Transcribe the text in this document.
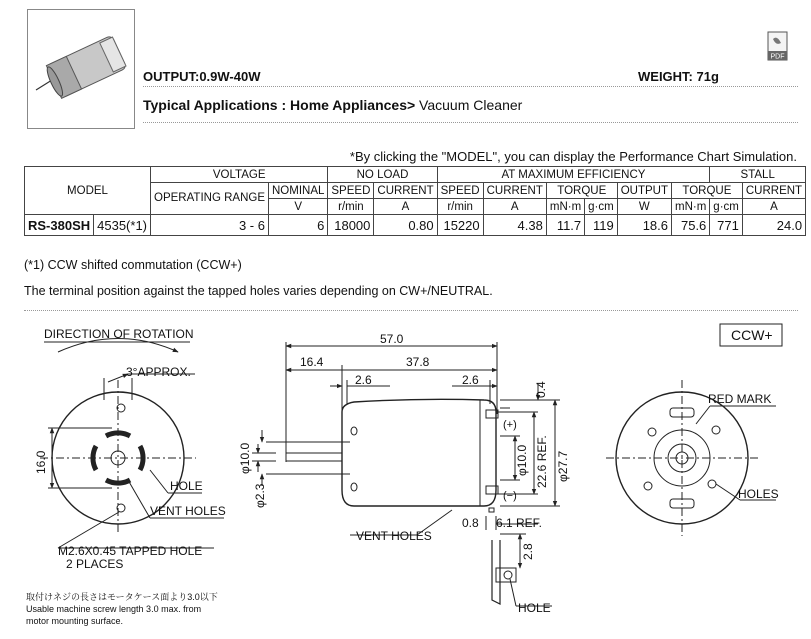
PDF
OUTPUT:0.9W-40W	WEIGHT: 71g
Typical Applications : Home Appliances> Vacuum Cleaner
*By clicking the "MODEL", you can display the Performance Chart Simulation.
MODEL		VOLTAGE		NO LOAD		AT MAXIMUM EFFICIENCY						STALL	
		OPERATING RANGE	NOMINAL	SPEED	CURRENT	SPEED	CURRENT	TORQUE		OUTPUT	TORQUE		CURRENT
			V	r/min	A	r/min	A	mN·m	g·cm	W	mN·m	g·cm	A
RS-380SH	4535(*1)	3 - 6	6	18000	0.80	15220	4.38	11.7	119	18.6	75.6	771	24.0
(*1) CCW shifted commutation (CCW+)
The terminal position against the tapped holes varies depending on CW+/NEUTRAL.
DIRECTION OF ROTATION
3°APPROX.
16.0
HOLE
VENT HOLES
M2.6X0.45 TAPPED HOLE
2 PLACES
取付けネジの長さはモータケース面より3.0以下
Usable machine screw length 3.0 max. from
motor mounting surface.
57.0
16.4	37.8
2.6	2.6
0.4
φ10.0
φ2.3
(+)
(−)
φ10.0 22.6 REF. φ27.7
VENT HOLES
0.8 6.1 REF.
2.8
HOLE
CCW+
RED MARK
HOLES
